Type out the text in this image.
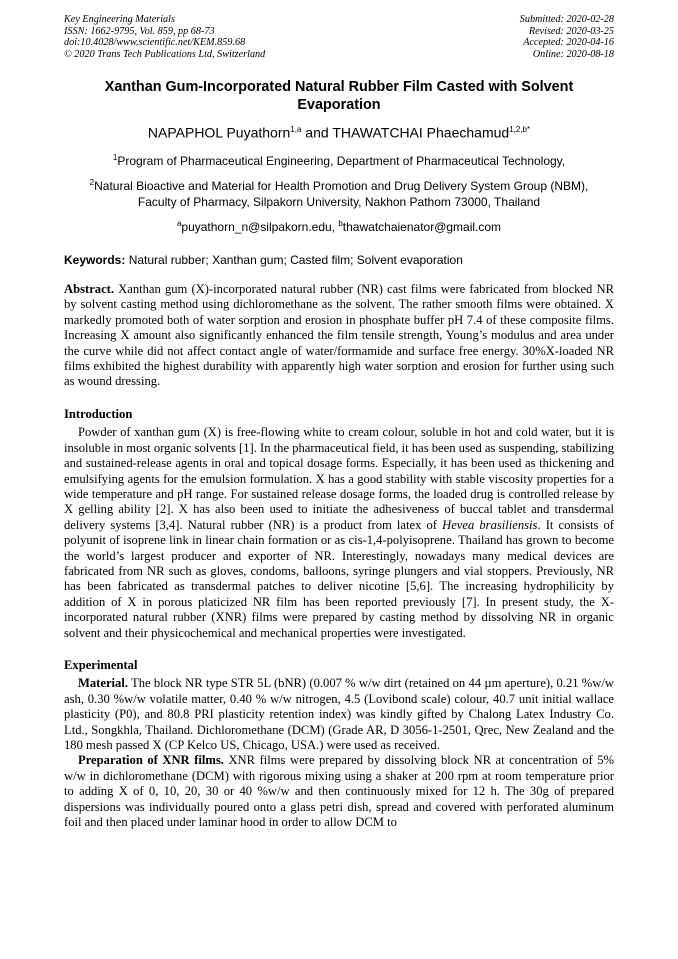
Key Engineering Materials
ISSN: 1662-9795, Vol. 859, pp 68-73
doi:10.4028/www.scientific.net/KEM.859.68
© 2020 Trans Tech Publications Ltd, Switzerland
Submitted: 2020-02-28
Revised: 2020-03-25
Accepted: 2020-04-16
Online: 2020-08-18
Xanthan Gum-Incorporated Natural Rubber Film Casted with Solvent Evaporation
NAPAPHOL Puyathorn$^{1,a}$ and THAWATCHAI Phaechamud$^{1,2,b*}$
$^1$Program of Pharmaceutical Engineering, Department of Pharmaceutical Technology,
$^2$Natural Bioactive and Material for Health Promotion and Drug Delivery System Group (NBM),
Faculty of Pharmacy, Silpakorn University, Nakhon Pathom 73000, Thailand
$^a$puyathorn_n@silpakorn.edu, $^b$thawatchaienator@gmail.com
Keywords: Natural rubber; Xanthan gum; Casted film; Solvent evaporation
Abstract. Xanthan gum (X)-incorporated natural rubber (NR) cast films were fabricated from blocked NR by solvent casting method using dichloromethane as the solvent. The rather smooth films were obtained. X markedly promoted both of water sorption and erosion in phosphate buffer pH 7.4 of these composite films. Increasing X amount also significantly enhanced the film tensile strength, Young’s modulus and area under the curve while did not affect contact angle of water/formamide and surface free energy. 30%X-loaded NR films exhibited the highest durability with apparently high water sorption and erosion for further using such as wound dressing.
Introduction
Powder of xanthan gum (X) is free-flowing white to cream colour, soluble in hot and cold water, but it is insoluble in most organic solvents [1]. In the pharmaceutical field, it has been used as suspending, stabilizing and sustained-release agents in oral and topical dosage forms. Especially, it has been used as thickening and emulsifying agents for the emulsion formulation. X has a good stability with stable viscosity properties for a wide temperature and pH range. For sustained release dosage forms, the loaded drug is controlled release by X gelling ability [2]. X has also been used to initiate the adhesiveness of buccal tablet and transdermal delivery systems [3,4]. Natural rubber (NR) is a product from latex of Hevea brasiliensis. It consists of polyunit of isoprene link in linear chain formation or as cis-1,4-polyisoprene. Thailand has grown to become the world’s largest producer and exporter of NR. Interestingly, nowadays many medical devices are fabricated from NR such as gloves, condoms, balloons, syringe plungers and vial stoppers. Previously, NR has been fabricated as transdermal patches to deliver nicotine [5,6]. The increasing hydrophilicity by addition of X in porous platicized NR film has been reported previously [7]. In present study, the X-incorporated natural rubber (XNR) films were prepared by casting method by dissolving NR in organic solvent and their physicochemical and mechanical properties were investigated.
Experimental
Material. The block NR type STR 5L (bNR) (0.007 % w/w dirt (retained on 44 µm aperture), 0.21 %w/w ash, 0.30 %w/w volatile matter, 0.40 % w/w nitrogen, 4.5 (Lovibond scale) colour, 40.7 unit initial wallace plasticity (P0), and 80.8 PRI plasticity retention index) was kindly gifted by Chalong Latex Industry Co. Ltd., Songkhla, Thailand. Dichloromethane (DCM) (Grade AR, D 3056-1-2501, Qrec, New Zealand and the 180 mesh passed X (CP Kelco US, Chicago, USA.) were used as received.
Preparation of XNR films. XNR films were prepared by dissolving block NR at concentration of 5% w/w in dichloromethane (DCM) with rigorous mixing using a shaker at 200 rpm at room temperature prior to adding X of 0, 10, 20, 30 or 40 %w/w and then continuously mixed for 12 h. The 30g of prepared dispersions was individually poured onto a glass petri dish, spread and covered with perforated aluminum foil and then placed under laminar hood in order to allow DCM to
